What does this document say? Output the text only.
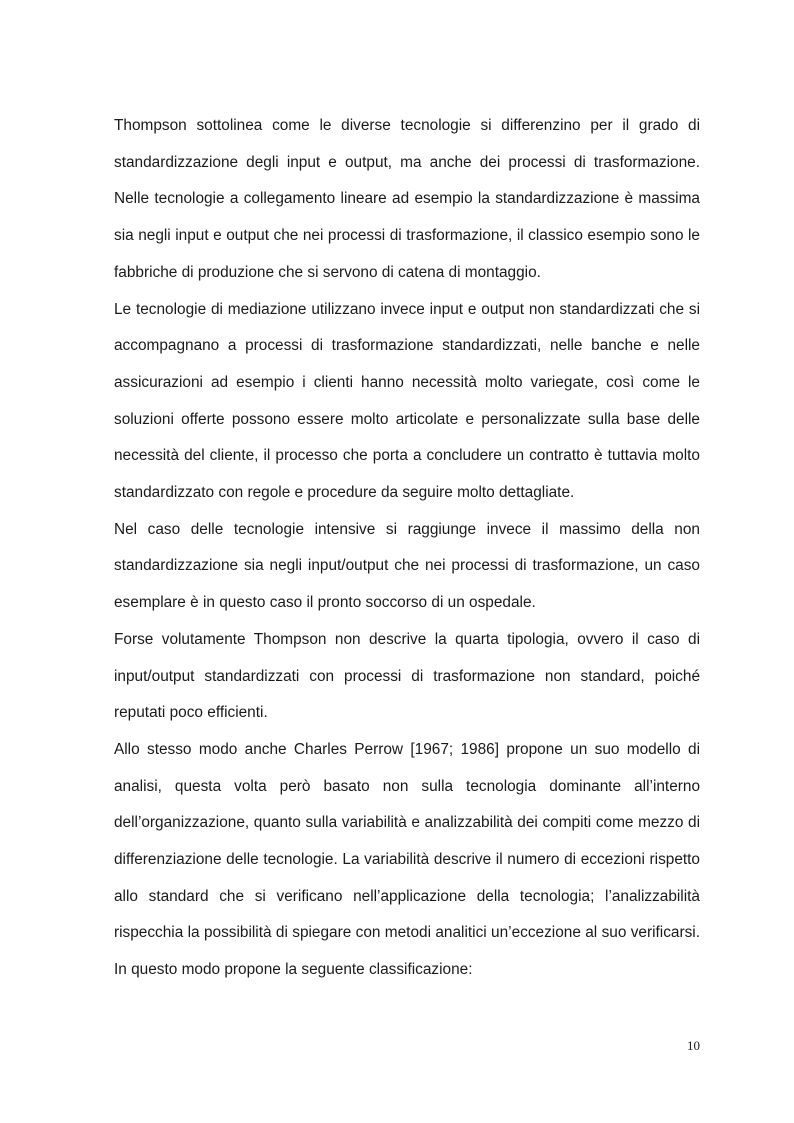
Thompson sottolinea come le diverse tecnologie si differenzino per il grado di standardizzazione degli input e output, ma anche dei processi di trasformazione. Nelle tecnologie a collegamento lineare ad esempio la standardizzazione è massima sia negli input e output che nei processi di trasformazione, il classico esempio sono le fabbriche di produzione che si servono di catena di montaggio.

Le tecnologie di mediazione utilizzano invece input e output non standardizzati che si accompagnano a processi di trasformazione standardizzati, nelle banche e nelle assicurazioni ad esempio i clienti hanno necessità molto variegate, così come le soluzioni offerte possono essere molto articolate e personalizzate sulla base delle necessità del cliente, il processo che porta a concludere un contratto è tuttavia molto standardizzato con regole e procedure da seguire molto dettagliate.

Nel caso delle tecnologie intensive si raggiunge invece il massimo della non standardizzazione sia negli input/output che nei processi di trasformazione, un caso esemplare è in questo caso il pronto soccorso di un ospedale.

Forse volutamente Thompson non descrive la quarta tipologia, ovvero il caso di input/output standardizzati con processi di trasformazione non standard, poiché reputati poco efficienti.

Allo stesso modo anche Charles Perrow [1967; 1986] propone un suo modello di analisi, questa volta però basato non sulla tecnologia dominante all’interno dell’organizzazione, quanto sulla variabilità e analizzabilità dei compiti come mezzo di differenziazione delle tecnologie. La variabilità descrive il numero di eccezioni rispetto allo standard che si verificano nell’applicazione della tecnologia; l’analizzabilità rispecchia la possibilità di spiegare con metodi analitici un’eccezione al suo verificarsi. In questo modo propone la seguente classificazione:

10
